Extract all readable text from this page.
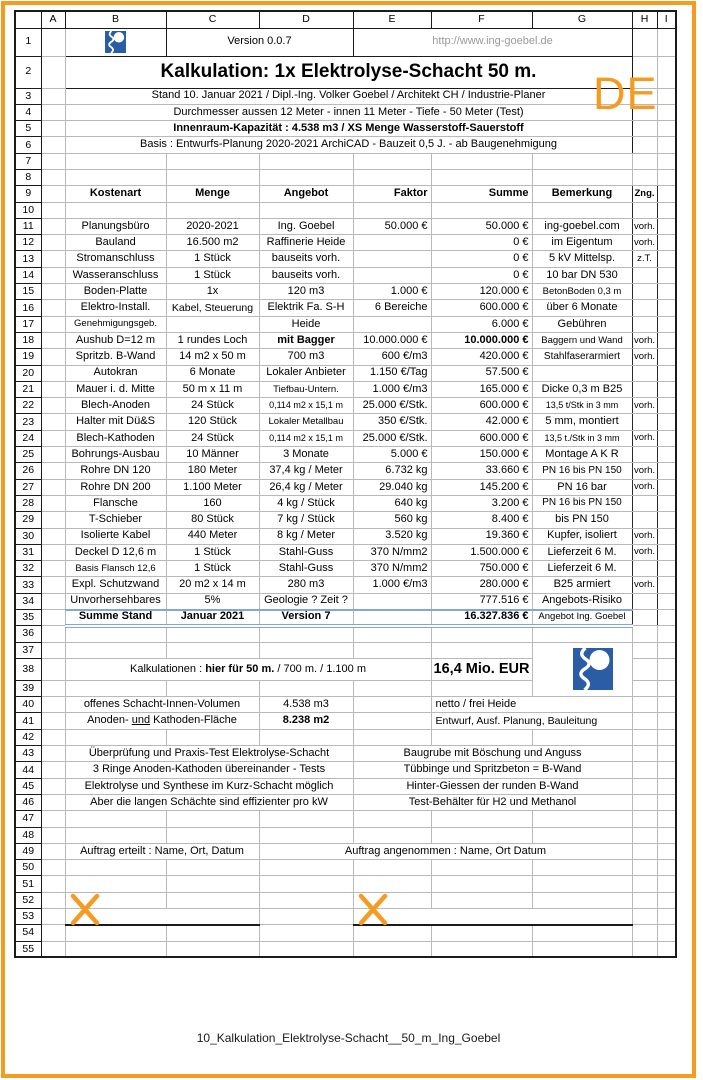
DE
	A	B	C	D	E	F	G	H	I
1			Version 0.0.7		http://www.ing-goebel.de				
2		Kalkulation: 1x Elektrolyse-Schacht 50 m.							
3		Stand 10. Januar 2021 / Dipl.-Ing. Volker Goebel / Architekt CH / Industrie-Planer							
4		Durchmesser aussen 12 Meter - innen 11 Meter - Tiefe - 50 Meter (Test)							
5		Innenraum-Kapazität : 4.538 m3 / XS Menge Wasserstoff-Sauerstoff							
6		Basis : Entwurfs-Planung 2020-2021 ArchiCAD - Bauzeit 0,5 J. - ab Baugenehmigung							
7									
8									
9		Kostenart	Menge	Angebot	Faktor	Summe	Bemerkung	Zng.	
10									
11		Planungsbüro	2020-2021	Ing. Goebel	50.000 €	50.000 €	ing-goebel.com	vorh.	
12		Bauland	16.500 m2	Raffinerie Heide		0 €	im Eigentum	vorh.	
13		Stromanschluss	1 Stück	bauseits vorh.		0 €	5 kV Mittelsp.	z.T.	
14		Wasseranschluss	1 Stück	bauseits vorh.		0 €	10 bar DN 530		
15		Boden-Platte	1x	120 m3	1.000 €	120.000 €	BetonBoden 0,3 m		
16		Elektro-Install.	Kabel, Steuerung	Elektrik Fa. S-H	6 Bereiche	600.000 €	über 6 Monate		
17		Genehmigungsgeb.		Heide		6.000 €	Gebühren		
18		Aushub D=12 m	1 rundes Loch	mit Bagger	10.000.000 €	10.000.000 €	Baggern und Wand	vorh.	
19		Spritzb. B-Wand	14 m2 x 50 m	700 m3	600 €/m3	420.000 €	Stahlfaserarmiert	vorh.	
20		Autokran	6 Monate	Lokaler Anbieter	1.150 €/Tag	57.500 €			
21		Mauer i. d. Mitte	50 m x 11 m	Tiefbau-Untern.	1.000 €/m3	165.000 €	Dicke 0,3 m B25		
22		Blech-Anoden	24 Stück	0,114 m2 x 15,1 m	25.000 €/Stk.	600.000 €	13,5 t/Stk in 3 mm	vorh.	
23		Halter mit Dü&S	120 Stück	Lokaler Metallbau	350 €/Stk.	42.000 €	5 mm, montiert		
24		Blech-Kathoden	24 Stück	0,114 m2 x 15,1 m	25.000 €/Stk.	600.000 €	13,5 t./Stk in 3 mm	vorh.	
25		Bohrungs-Ausbau	10 Männer	3 Monate	5.000 €	150.000 €	Montage A K R		
26		Rohre DN 120	180 Meter	37,4 kg / Meter	6.732 kg	33.660 €	PN 16 bis PN 150	vorh.	
27		Rohre DN 200	1.100 Meter	26,4 kg / Meter	29.040 kg	145.200 €	PN 16 bar	vorh.	
28		Flansche	160	4 kg / Stück	640 kg	3.200 €	PN 16 bis PN 150		
29		T-Schieber	80 Stück	7 kg / Stück	560 kg	8.400 €	bis PN 150		
30		Isolierte Kabel	440 Meter	8 kg / Meter	3.520 kg	19.360 €	Kupfer, isoliert	vorh.	
31		Deckel D 12,6 m	1 Stück	Stahl-Guss	370 N/mm2	1.500.000 €	Lieferzeit 6 M.	vorh.	
32		Basis Flansch 12,6	1 Stück	Stahl-Guss	370 N/mm2	750.000 €	Lieferzeit 6 M.		
33		Expl. Schutzwand	20 m2 x 14 m	280 m3	1.000 €/m3	280.000 €	B25 armiert	vorh.	
34		Unvorhersehbares	5%	Geologie ? Zeit ?		777.516 €	Angebots-Risiko		
35		Summe Stand	Januar 2021	Version 7		16.327.836 €	Angebot Ing. Goebel		
36									
37							

38		Kalkulationen : hier für 50 m. / 700 m. / 1.100 m				16,4 Mio. EUR			
39									
40		offenes Schacht-Innen-Volumen		4.538 m3		netto / frei Heide			
41		Anoden- und Kathoden-Fläche		8.238 m2		Entwurf, Ausf. Planung, Bauleitung			
42									
43		Überprüfung und Praxis-Test Elektrolyse-Schacht			Baugrube mit Böschung und Anguss				
44		3 Ringe Anoden-Kathoden übereinander - Tests			Tübbinge und Spritzbeton = B-Wand				
45		Elektrolyse und Synthese im Kurz-Schacht möglich			Hinter-Giessen der runden B-Wand				
46		Aber die langen Schächte sind effizienter pro kW			Test-Behälter für H2 und Methanol				
47									
48									
49		Auftrag erteilt : Name, Ort, Datum		Auftrag angenommen : Name, Ort Datum					
50									
51									
52		

53									
54									
55									
10_Kalkulation_Elektrolyse-Schacht__50_m_Ing_Goebel
